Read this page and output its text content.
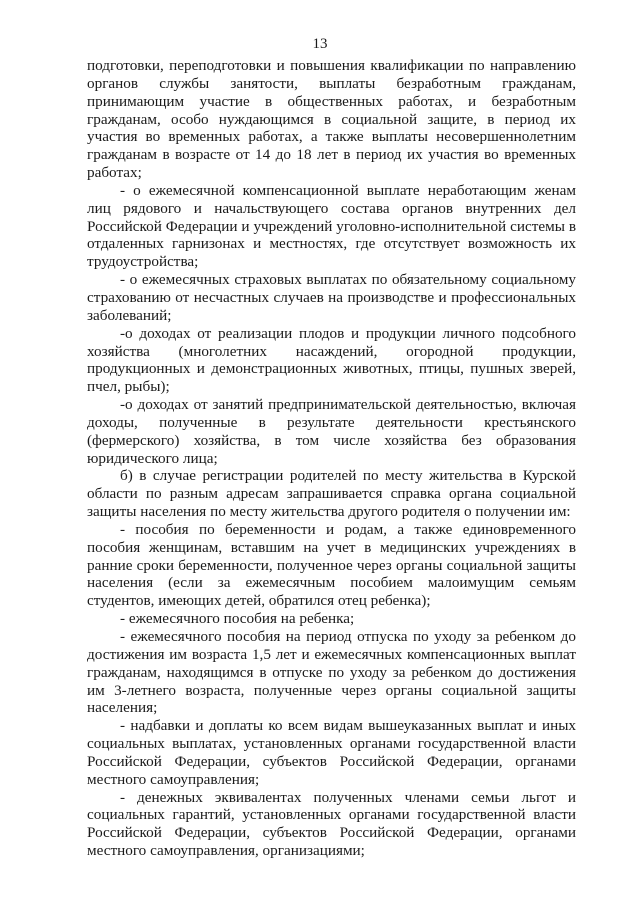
13

подготовки, переподготовки и повышения квалификации по направлению органов службы занятости, выплаты безработным гражданам, принимающим участие в общественных работах, и безработным гражданам, особо нуждающимся в социальной защите, в период их участия во временных работах, а также выплаты несовершеннолетним гражданам в возрасте от 14 до 18 лет в период их участия во временных работах;

- о ежемесячной компенсационной выплате неработающим женам лиц рядового и начальствующего состава органов внутренних дел Российской Федерации и учреждений уголовно-исполнительной системы в отдаленных гарнизонах и местностях, где отсутствует возможность их трудоустройства;

- о ежемесячных страховых выплатах по обязательному социальному страхованию от несчастных случаев на производстве и профессиональных заболеваний;

-о доходах от реализации плодов и продукции личного подсобного хозяйства (многолетних насаждений, огородной продукции, продукционных и демонстрационных животных, птицы, пушных зверей, пчел, рыбы);

-о доходах от занятий предпринимательской деятельностью, включая доходы, полученные в результате деятельности крестьянского (фермерского) хозяйства, в том числе хозяйства без образования юридического лица;

б) в случае регистрации родителей по месту жительства в Курской области по разным адресам запрашивается справка органа социальной защиты населения по месту жительства другого родителя о получении им:

- пособия по беременности и родам, а также единовременного пособия женщинам, вставшим на учет в медицинских учреждениях в ранние сроки беременности, полученное через органы социальной защиты населения (если за ежемесячным пособием малоимущим семьям студентов, имеющих детей, обратился отец ребенка);

- ежемесячного пособия на ребенка;

- ежемесячного пособия на период отпуска по уходу за ребенком до достижения им возраста 1,5 лет и ежемесячных компенсационных выплат гражданам, находящимся в отпуске по уходу за ребенком до достижения им 3-летнего возраста, полученные через органы социальной защиты населения;

- надбавки и доплаты ко всем видам вышеуказанных выплат и иных социальных выплатах, установленных органами государственной власти Российской Федерации, субъектов Российской Федерации, органами местного самоуправления;

- денежных эквивалентах полученных членами семьи льгот и социальных гарантий, установленных органами государственной власти Российской Федерации, субъектов Российской Федерации, органами местного самоуправления, организациями;
